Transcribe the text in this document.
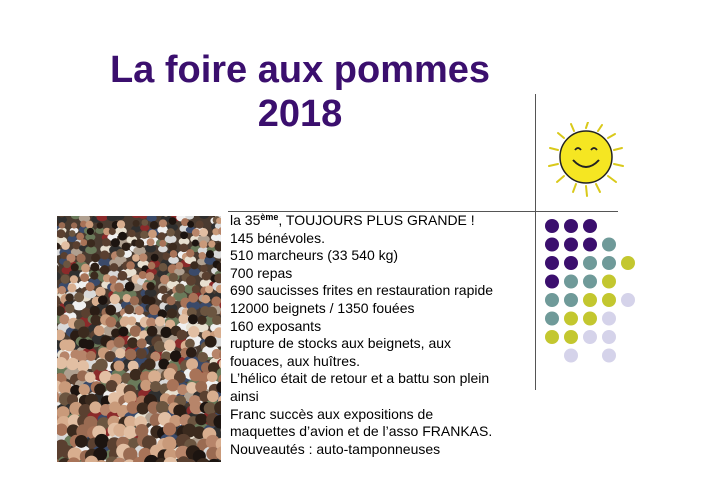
La foire aux pommes
2018
la 35ème, TOUJOURS PLUS GRANDE !
145 bénévoles.
510 marcheurs (33 540 kg)
700 repas
690 saucisses frites en restauration rapide
12000 beignets / 1350 fouées
160 exposants
rupture de stocks aux beignets, aux
fouaces, aux huîtres.
L’hélico était de retour et a battu son plein
ainsi
Franc succès aux expositions de
maquettes d’avion et de l’asso FRANKAS.
Nouveautés : auto-tamponneuses
